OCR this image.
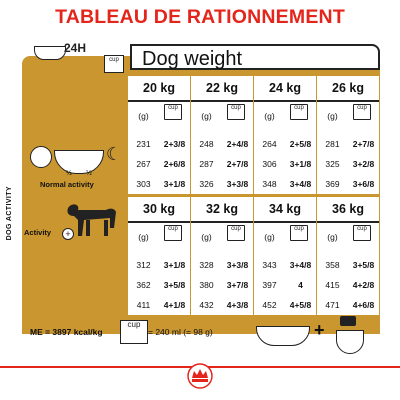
TABLEAU DE RATIONNEMENT
24H
cup	Dog weight
20 kg
cup
(g)
231	2+3/8
267	2+6/8
303	3+1/8
22 kg
cup
(g)
248	2+4/8
287	2+7/8
326	3+3/8
24 kg
cup
(g)
264	2+5/8
306	3+1/8
348	3+4/8
26 kg
cup
(g)
281	2+7/8
325	3+2/8
369	3+6/8
30 kg
cup
(g)
312	3+1/8
362	3+5/8
411	4+1/8
32 kg
cup
(g)
328	3+3/8
380	3+7/8
432	4+3/8
34 kg
cup
(g)
343	3+4/8
397	4
452	4+5/8
36 kg
cup
(g)
358	3+5/8
415	4+2/8
471	4+6/8
☾
½ ½
Normal activity
Activity	+
DOG ACTIVITY
ME = 3897 kcal/kg
cup
= 240 ml (= 98 g)	+
